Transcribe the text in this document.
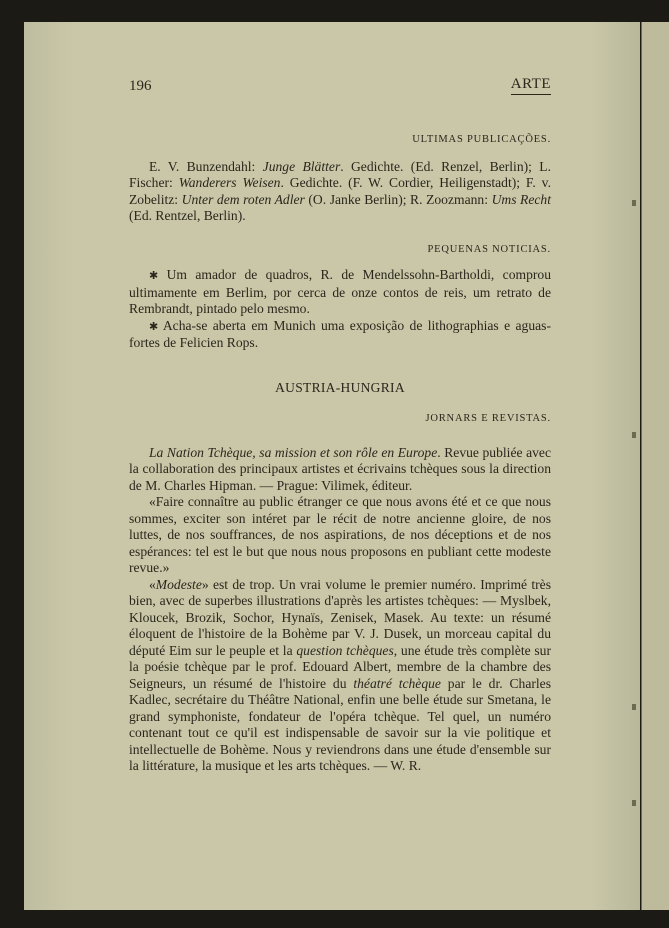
196	ARTE
ULTIMAS PUBLICAÇÕES.

E. V. Bunzendahl: Junge Blätter. Gedichte. (Ed. Renzel, Berlin); L. Fischer: Wanderers Weisen. Gedichte. (F. W. Cordier, Heiligenstadt); F. v. Zobelitz: Unter dem roten Adler (O. Janke Berlin); R. Zoozmann: Ums Recht (Ed. Rentzel, Berlin).

PEQUENAS NOTICIAS.

✱ Um amador de quadros, R. de Mendelssohn-Bartholdi, comprou ultimamente em Berlim, por cerca de onze contos de reis, um retrato de Rembrandt, pintado pelo mesmo.

✱ Acha-se aberta em Munich uma exposição de lithographias e aguas-fortes de Felicien Rops.

AUSTRIA-HUNGRIA
JORNARS E REVISTAS.

La Nation Tchèque, sa mission et son rôle en Europe. Revue publiée avec la collaboration des principaux artistes et écrivains tchèques sous la direction de M. Charles Hipman. — Prague: Vilimek, éditeur.

«Faire connaître au public étranger ce que nous avons été et ce que nous sommes, exciter son intéret par le récit de notre ancienne gloire, de nos luttes, de nos souffrances, de nos aspirations, de nos déceptions et de nos espérances: tel est le but que nous nous proposons en publiant cette modeste revue.»

«Modeste» est de trop. Un vrai volume le premier numéro. Imprimé très bien, avec de superbes illustrations d'après les artistes tchèques: — Myslbek, Kloucek, Brozik, Sochor, Hynaïs, Zenisek, Masek. Au texte: un résumé éloquent de l'histoire de la Bohème par V. J. Dusek, un morceau capital du député Eim sur le peuple et la question tchèques, une étude très complète sur la poésie tchèque par le prof. Edouard Albert, membre de la chambre des Seigneurs, un résumé de l'histoire du théatré tchèque par le dr. Charles Kadlec, secrétaire du Théâtre National, enfin une belle étude sur Smetana, le grand symphoniste, fondateur de l'opéra tchèque. Tel quel, un numéro contenant tout ce qu'il est indispensable de savoir sur la vie politique et intellectuelle de Bohème. Nous y reviendrons dans une étude d'ensemble sur la littérature, la musique et les arts tchèques. — W. R.
